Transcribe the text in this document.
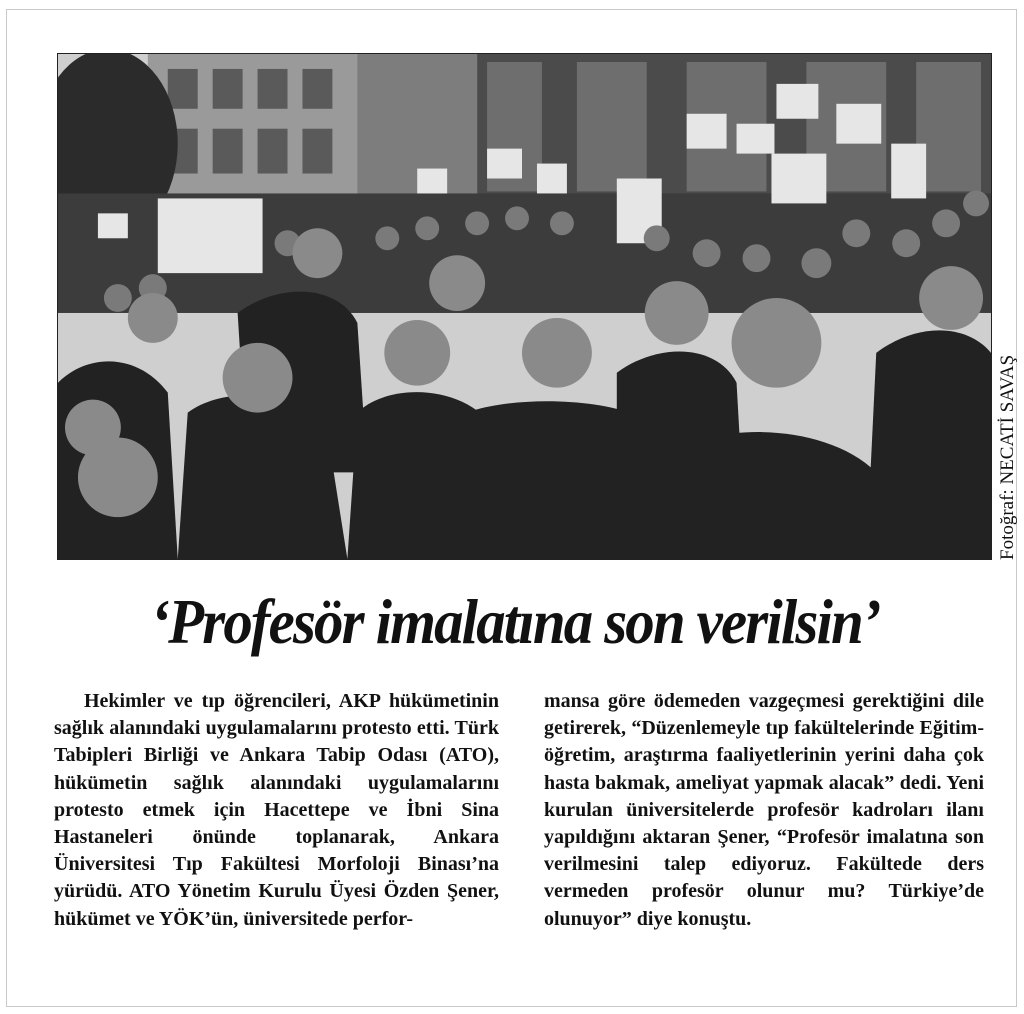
Fotoğraf: NECATİ SAVAŞ
‘Profesör imalatına son verilsin’

Hekimler ve tıp öğrencileri, AKP hükümetinin sağlık alanındaki uygulamalarını protesto etti. Türk Tabipleri Birliği ve Ankara Tabip Odası (ATO), hükümetin sağlık alanındaki uygulamalarını protesto etmek için Hacettepe ve İbni Sina Hastaneleri önünde toplanarak, Ankara Üniversitesi Tıp Fakültesi Morfoloji Binası’na yürüdü. ATO Yönetim Kurulu Üyesi Özden Şener, hükümet ve YÖK’ün, üniversitede perfor-

mansa göre ödemeden vazgeçmesi gerektiğini dile getirerek, “Düzenlemeyle tıp fakültelerinde Eğitim-öğretim, araştırma faaliyetlerinin yerini daha çok hasta bakmak, ameliyat yapmak alacak” dedi. Yeni kurulan üniversitelerde profesör kadroları ilanı yapıldığını aktaran Şener, “Profesör imalatına son verilmesini talep ediyoruz. Fakültede ders vermeden profesör olunur mu? Türkiye’de olunuyor” diye konuştu.
